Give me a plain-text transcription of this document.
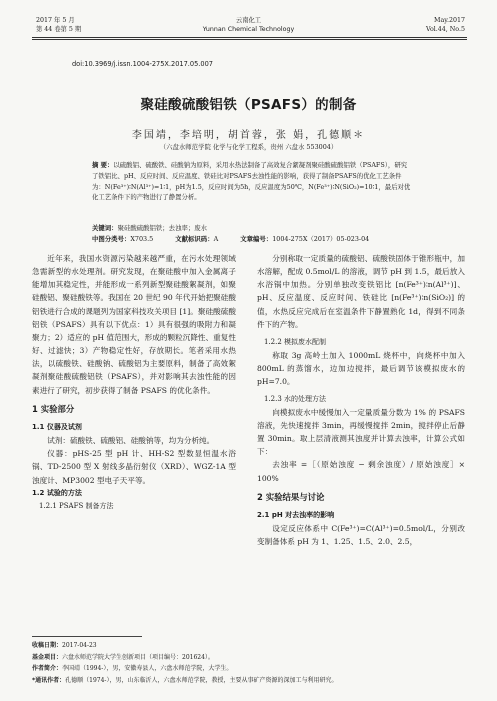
2017 年 5 月
第 44 卷第 5 期
云南化工
Yunnan Chemical Technology
May.2017
Vol.44, No.5
doi:10.3969/j.issn.1004-275X.2017.05.007
聚硅酸硫酸铝铁（PSAFS）的制备
李国靖，李培明，胡首蓉，张 娟，孔德顺＊
（六盘水师范学院 化学与化学工程系，贵州 六盘水 553004）
摘 要：以硫酸铝、硫酸铁、硅酸钠为原料，采用水热法制备了高效复合絮凝剂聚硅酸硫酸铝铁（PSAFS），研究了铁铝比、pH、反应时间、反应温度、铁硅比对PSAFS去浊性能的影响，获得了制备PSAFS的优化工艺条件为：N(Fe³⁺)∶N(Al³⁺)=1∶1，pH为1.5，反应时间为5h，反应温度为50℃，N(Fe³⁺)∶N(SiO₂)=10∶1，最后对优化工艺条件下的产物进行了静置分析。
关键词：聚硅酸硫酸铝铁；去浊率；废水
中图分类号：X703.5	文献标识码：A	文章编号：1004-275X（2017）05-023-04

近年来，我国水资源污染越来越严重，在污水处理领域急需新型的水处理剂。研究发现，在聚硅酸中加入金属离子能增加其稳定性，并能形成一系列新型聚硅酸絮凝剂，如聚硅酸铝、聚硅酸铁等。我国在 20 世纪 90 年代开始把聚硅酸铝铁进行合成的课题列为国家科技攻关项目 [1]。聚硅酸硫酸铝铁（PSAFS）具有以下优点：1）具有很强的吸附力和凝聚力；2）适应的 pH 值范围大，形成的颗粒沉降性、重复性好、过滤快；3）产物稳定性好，存放期长。笔者采用水热法，以硫酸铁、硅酸钠、硫酸铝为主要原料，制备了高效絮凝剂聚硅酸硫酸铝铁（PSAFS），并对影响其去浊性能的因素进行了研究，初步获得了制备 PSAFS 的优化条件。

1 实验部分
1.1 仪器及试剂

试剂：硫酸铁、硫酸铝、硅酸钠等，均为分析纯。

仪器：pHS-25 型 pH 计、HH-S2 型数显恒温水浴锅、TD-2500 型 X 射线多晶衍射仪（XRD）、WGZ-1A 型浊度计、MP3002 型电子天平等。

1.2 试验的方法
1.2.1 PSAFS 制备方法

分别称取一定质量的硫酸铝、硫酸铁固体于锥形瓶中，加水溶解，配成 0.5mol/L 的溶液，调节 pH 到 1.5，最后放入水浴锅中加热。分别单独改变铁铝比 [n(Fe³⁺)∶n(Al³⁺)]、pH、反应温度、反应时间、铁硅比 [n(Fe³⁺)∶n(SiO₂)] 的值，水热反应完成后在室温条件下静置熟化 1d，得到不同条件下的产物。

1.2.2 模拟废水配制

称取 3g 高岭土加入 1000mL 烧杯中，向烧杯中加入 800mL 的蒸馏水，边加边搅拌，最后调节该模拟废水的 pH=7.0。

1.2.3 水的处理方法

向模拟废水中缓慢加入一定量质量分数为 1% 的 PSAFS 溶液，先快速搅拌 3min，再缓慢搅拌 2min，搅拌停止后静置 30min。取上层清液测其浊度并计算去浊率，计算公式如下：

去浊率 =［（原始浊度 − 剩余浊度）/ 原始浊度］× 100%

2 实验结果与讨论
2.1 pH 对去浊率的影响

设定反应体系中 C(Fe³⁺)=C(Al³⁺)=0.5mol/L，分别改变制备体系 pH 为 1、1.25、1.5、2.0、2.5，

收稿日期：2017-04-23
基金项目：六盘水师范学院大学生创新项目（项目编号：201624）。
作者简介：李国靖（1994-），男，安徽寿县人，六盘水师范学院，大学生。
*通讯作者：孔德顺（1974-），男，山东临沂人，六盘水师范学院，教授，主要从事矿产资源的深加工与利用研究。
